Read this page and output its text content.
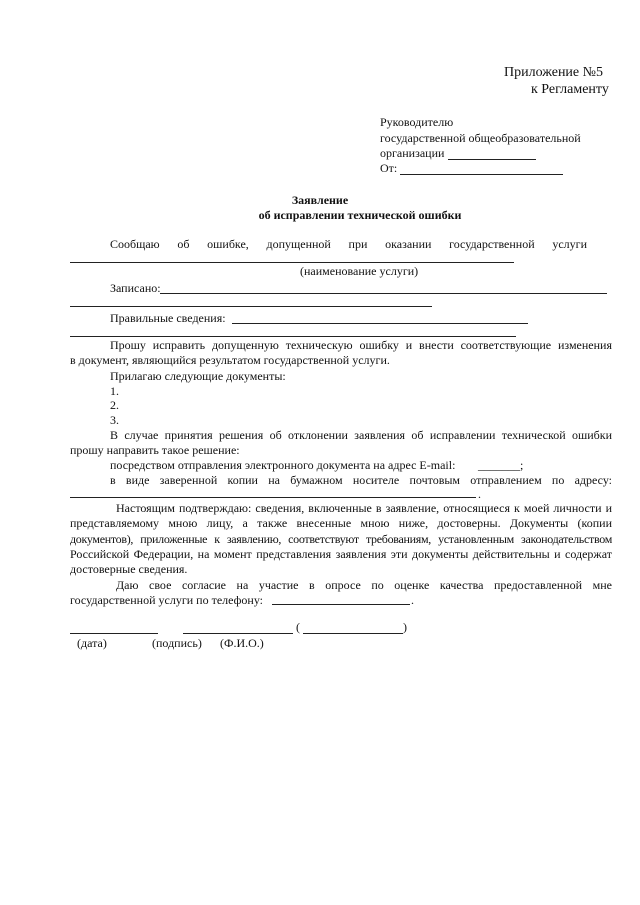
Приложение №5
к Регламенту
Руководителю
государственной общеобразовательной
организации
От:
Заявление
об исправлении технической ошибки
Сообщаю об ошибке, допущенной при оказании государственной услуги
(наименование услуги)
Записано:
Правильные сведения:
Прошу исправить допущенную техническую ошибку и внести соответствующие изменения
в документ, являющийся результатом государственной услуги.
Прилагаю следующие документы:
1.
2.
3.
В случае принятия решения об отклонении заявления об исправлении технической ошибки
прошу направить такое решение:
посредством отправления электронного документа на адрес E-mail: _______;
в виде заверенной копии на бумажном носителе почтовым отправлением по адресу:
.
Настоящим подтверждаю: сведения, включенные в заявление, относящиеся к моей личности и
представляемому мною лицу, а также внесенные мною ниже, достоверны. Документы (копии
документов), приложенные к заявлению, соответствуют требованиям, установленным законодательством
Российской Федерации, на момент представления заявления эти документы действительны и содержат
достоверные сведения.
Даю свое согласие на участие в опросе по оценке качества предоставленной мне
государственной услуги по телефону:	.
(	)
(дата)	(подпись) (Ф.И.О.)
